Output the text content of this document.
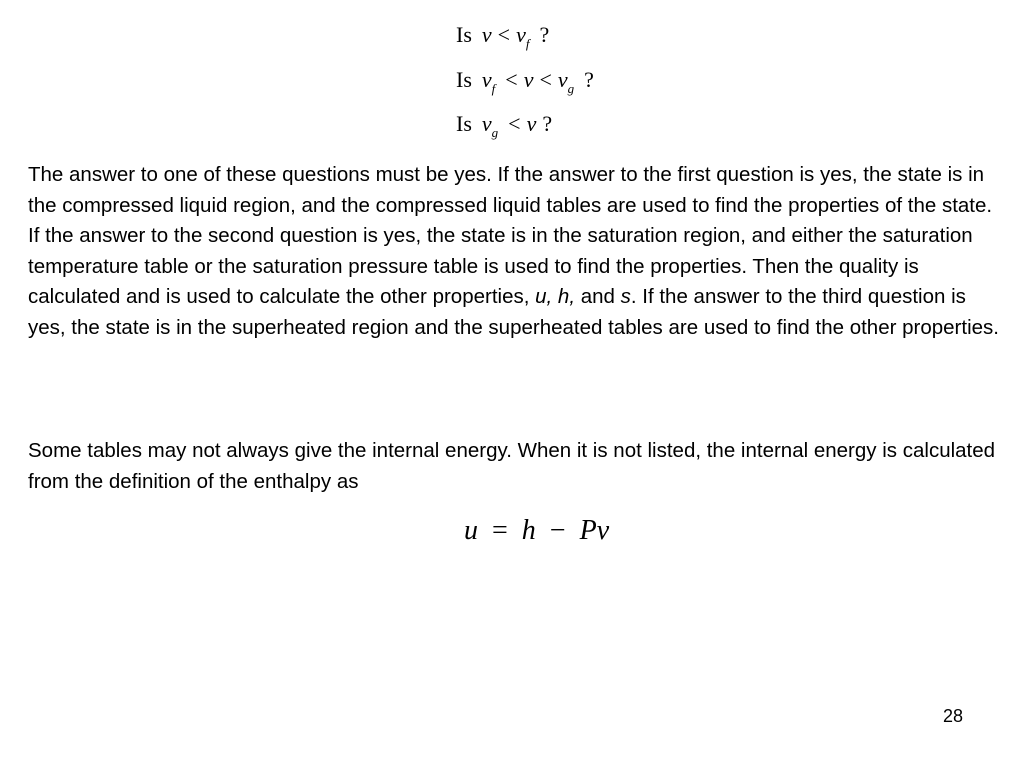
Is $v < v_f$ ?
Is $v_f < v < v_g$ ?
Is $v_g < v$ ?

The answer to one of these questions must be yes. If the answer to the first question is yes, the state is in the compressed liquid region, and the compressed liquid tables are used to find the properties of the state. If the answer to the second question is yes, the state is in the saturation region, and either the saturation temperature table or the saturation pressure table is used to find the properties. Then the quality is calculated and is used to calculate the other properties, u, h, and s. If the answer to the third question is yes, the state is in the superheated region and the superheated tables are used to find the other properties.

Some tables may not always give the internal energy. When it is not listed, the internal energy is calculated from the definition of the enthalpy as

u = h − Pv
28
